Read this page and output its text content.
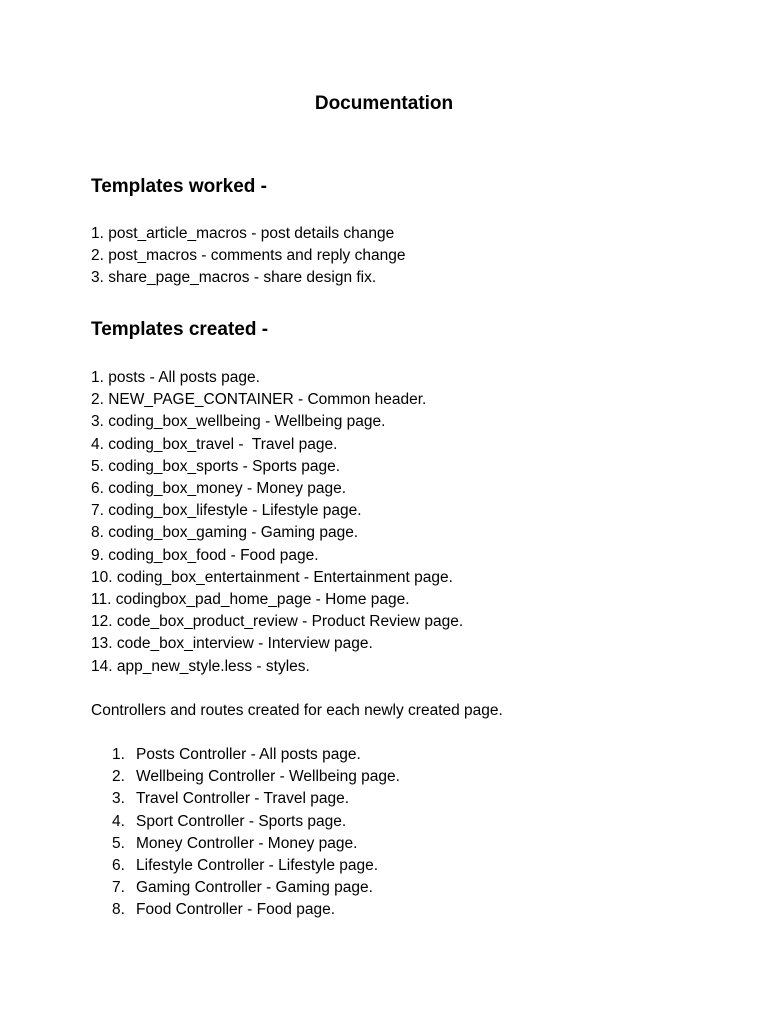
Documentation
Templates worked -
1. post_article_macros - post details change
2. post_macros - comments and reply change
3. share_page_macros - share design fix.
Templates created -
1. posts - All posts page.
2. NEW_PAGE_CONTAINER - Common header.
3. coding_box_wellbeing - Wellbeing page.
4. coding_box_travel -  Travel page.
5. coding_box_sports - Sports page.
6. coding_box_money - Money page.
7. coding_box_lifestyle - Lifestyle page.
8. coding_box_gaming - Gaming page.
9. coding_box_food - Food page.
10. coding_box_entertainment - Entertainment page.
11. codingbox_pad_home_page - Home page.
12. code_box_product_review - Product Review page.
13. code_box_interview - Interview page.
14. app_new_style.less - styles.

Controllers and routes created for each newly created page.

1. Posts Controller - All posts page.
2. Wellbeing Controller - Wellbeing page.
3. Travel Controller - Travel page.
4. Sport Controller - Sports page.
5. Money Controller - Money page.
6. Lifestyle Controller - Lifestyle page.
7. Gaming Controller - Gaming page.
8. Food Controller - Food page.
